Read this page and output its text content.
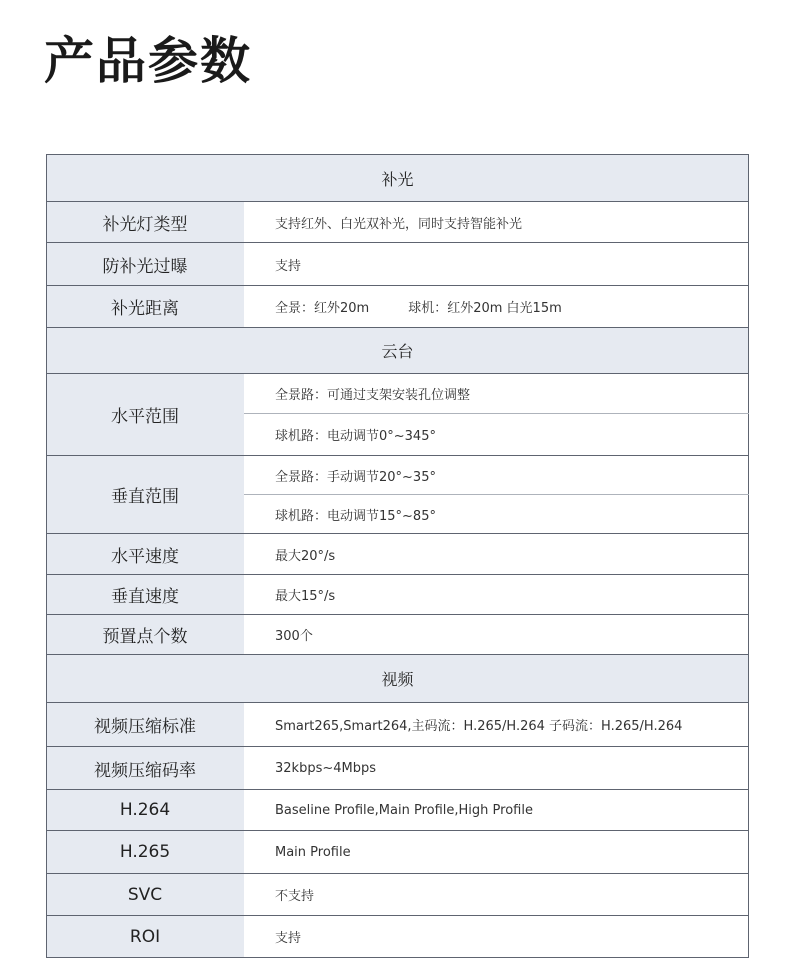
产品参数
补光	
补光灯类型	支持红外、白光双补光，同时支持智能补光
防补光过曝	支持
补光距离	全景：红外20m　　　球机：红外20m 白光15m
云台	
水平范围	全景路：可通过支架安装孔位调整
	球机路：电动调节0°~345°
垂直范围	全景路：手动调节20°~35°
	球机路：电动调节15°~85°
水平速度	最大20°/s
垂直速度	最大15°/s
预置点个数	300个
视频	
视频压缩标准	Smart265,Smart264,主码流：H.265/H.264 子码流：H.265/H.264
视频压缩码率	32kbps~4Mbps
H.264	Baseline Profile,Main Profile,High Profile
H.265	Main Profile
SVC	不支持
ROI	支持
